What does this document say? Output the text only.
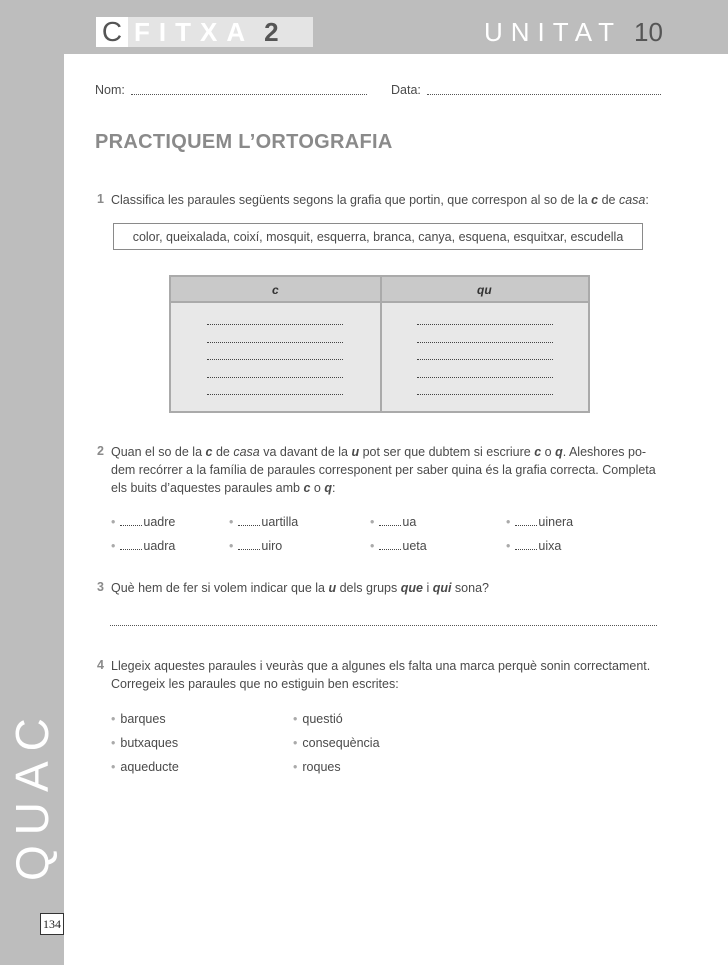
QUAC
134
C FITXA 2	UNITAT 10
Nom:	Data:
PRACTIQUEM L’ORTOGRAFIA
1 Classifica les paraules següents segons la grafia que portin, que correspon al so de la c de casa:
color, queixalada, coixí, mosquit, esquerra, branca, canya, esquena, esquitxar, escudella
c	qu
2 Quan el so de la c de casa va davant de la u pot ser que dubtem si escriure c o q. Aleshores po-
dem recórrer a la família de paraules corresponent per saber quina és la grafia correcta. Completa
els buits d’aquestes paraules amb c o q:
• uadre	• uartilla	• ua	• uinera
• uadra	• uiro	• ueta	• uixa
3 Què hem de fer si volem indicar que la u dels grups que i qui sona?
4 Llegeix aquestes paraules i veuràs que a algunes els falta una marca perquè sonin correctament.
Corregeix les paraules que no estiguin ben escrites:
• barques	• questió
• butxaques	• consequència
• aqueducte	• roques
